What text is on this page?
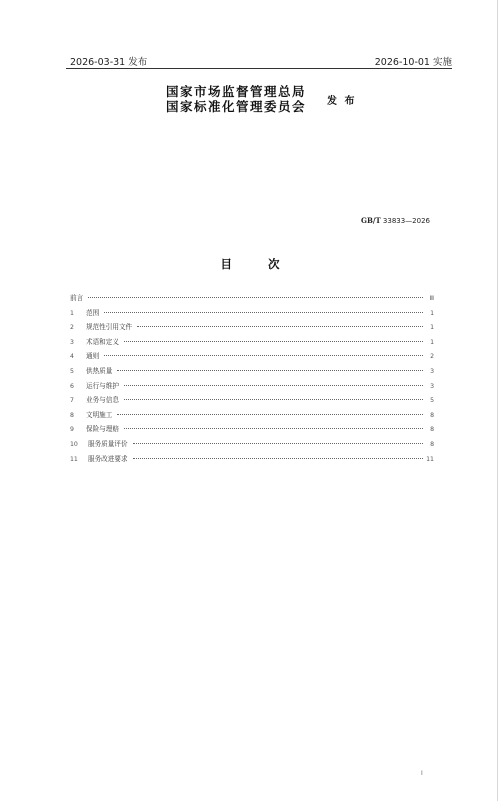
2026-03-31 发布	2026-10-01 实施
国家市场监督管理总局
国家标准化管理委员会 发 布
GB/T 33833—2026
目 次
前言	Ⅲ
1	范围	1
2	规范性引用文件	1
3	术语和定义	1
4	通则	2
5	供热质量	3
6	运行与维护	3
7	业务与信息	5
8	文明施工	8
9	保险与理赔	8
10	服务质量评价	8
11	服务改进要求	11
I
